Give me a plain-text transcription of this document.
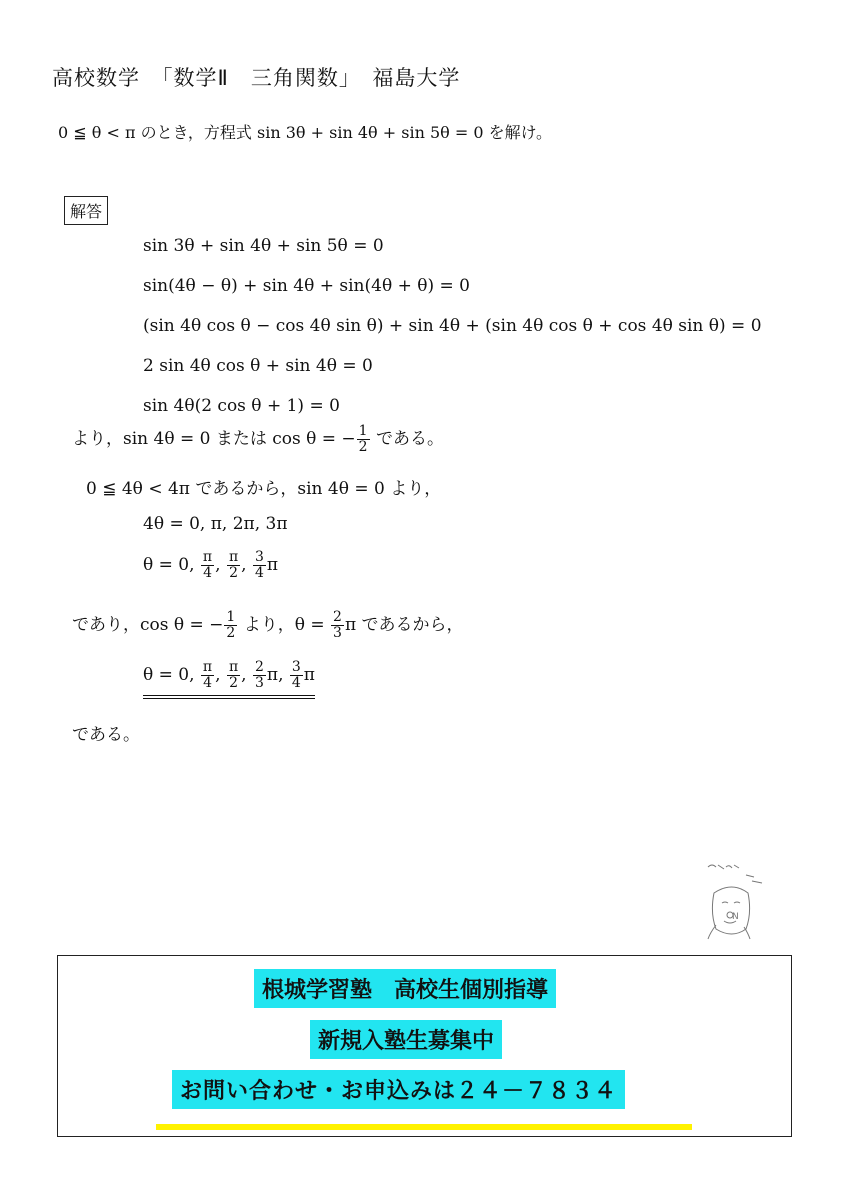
高校数学　「数学Ⅱ　三角関数」　福島大学
0 ≦ θ < π のとき，方程式 sin 3θ + sin 4θ + sin 5θ = 0 を解け。
解答
sin 3θ + sin 4θ + sin 5θ = 0
sin(4θ − θ) + sin 4θ + sin(4θ + θ) = 0
(sin 4θ cos θ − cos 4θ sin θ) + sin 4θ + (sin 4θ cos θ + cos 4θ sin θ) = 0
2 sin 4θ cos θ + sin 4θ = 0
sin 4θ(2 cos θ + 1) = 0
より，sin 4θ = 0 または cos θ = − $\frac{1}{2}$ である。
0 ≦ 4θ < 4π であるから，sin 4θ = 0 より，
4θ = 0, π, 2π, 3π
θ = 0, $\frac{\pi}{4}$ , $\frac{\pi}{2}$ , $\frac{3}{4}$ π
であり，cos θ = − $\frac{1}{2}$ より，$\theta = \frac{2}{3}$ π であるから，
θ = 0, $\frac{\pi}{4}$ , $\frac{\pi}{2}$ , $\frac{2}{3} \pi$, $\frac{3}{4}$ π
である。
N
根城学習塾　高校生個別指導
新規入塾生募集中
お問い合わせ・お申込みは２４－７８３４
